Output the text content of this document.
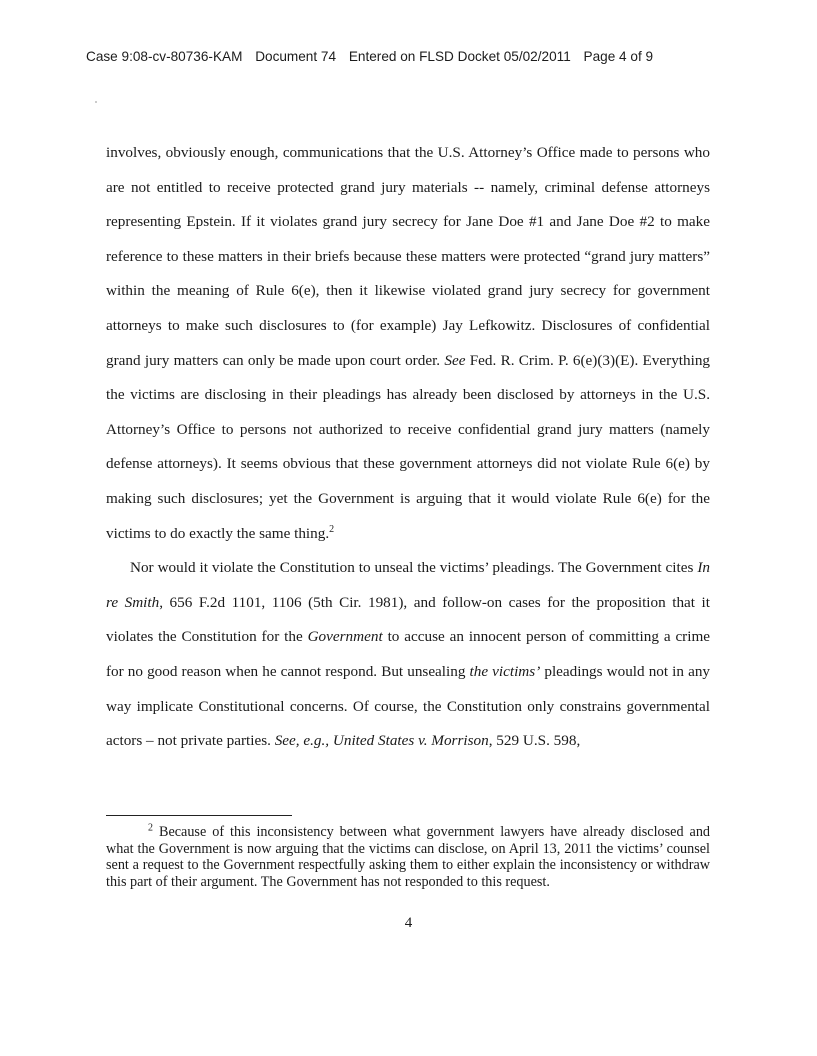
Case 9:08-cv-80736-KAM Document 74 Entered on FLSD Docket 05/02/2011 Page 4 of 9

involves, obviously enough, communications that the U.S. Attorney’s Office made to persons who are not entitled to receive protected grand jury materials -- namely, criminal defense attorneys representing Epstein. If it violates grand jury secrecy for Jane Doe #1 and Jane Doe #2 to make reference to these matters in their briefs because these matters were protected “grand jury matters” within the meaning of Rule 6(e), then it likewise violated grand jury secrecy for government attorneys to make such disclosures to (for example) Jay Lefkowitz. Disclosures of confidential grand jury matters can only be made upon court order. See Fed. R. Crim. P. 6(e)(3)(E). Everything the victims are disclosing in their pleadings has already been disclosed by attorneys in the U.S. Attorney’s Office to persons not authorized to receive confidential grand jury matters (namely defense attorneys). It seems obvious that these government attorneys did not violate Rule 6(e) by making such disclosures; yet the Government is arguing that it would violate Rule 6(e) for the victims to do exactly the same thing.$^2$

Nor would it violate the Constitution to unseal the victims’ pleadings. The Government cites In re Smith, 656 F.2d 1101, 1106 (5th Cir. 1981), and follow-on cases for the proposition that it violates the Constitution for the Government to accuse an innocent person of committing a crime for no good reason when he cannot respond. But unsealing the victims’ pleadings would not in any way implicate Constitutional concerns. Of course, the Constitution only constrains governmental actors – not private parties. See, e.g., United States v. Morrison, 529 U.S. 598,

$^2$ Because of this inconsistency between what government lawyers have already disclosed and what the Government is now arguing that the victims can disclose, on April 13, 2011 the victims’ counsel sent a request to the Government respectfully asking them to either explain the inconsistency or withdraw this part of their argument. The Government has not responded to this request.

4
